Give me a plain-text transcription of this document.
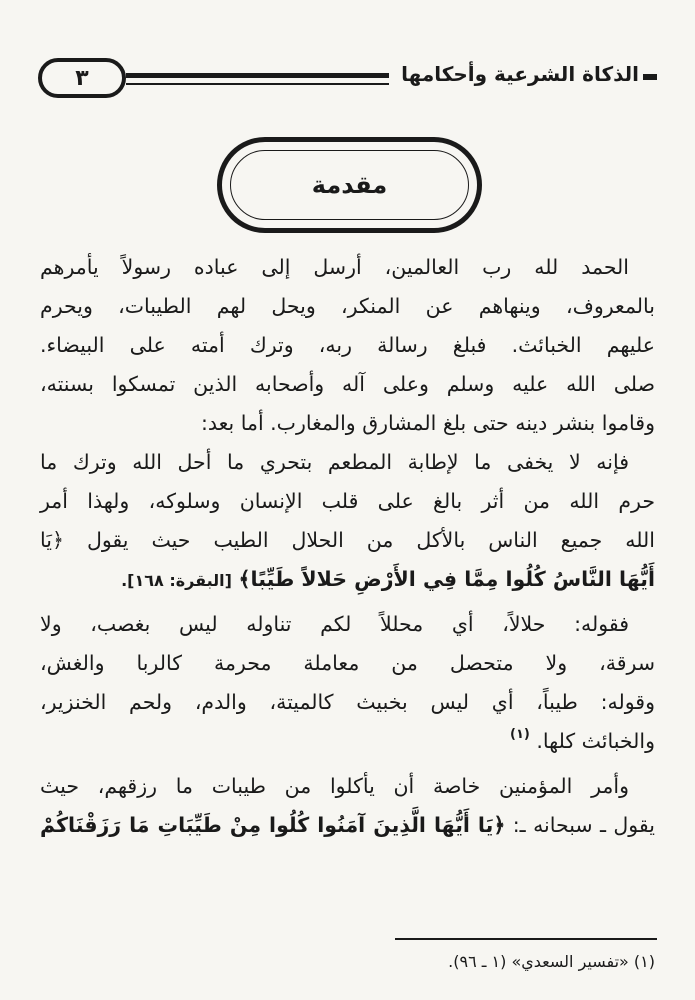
الذكاة الشرعية وأحكامها
٣
مقدمة
الحمد لله رب العالمين، أرسل إلى عباده رسولاً يأمرهم
بالمعروف، وينهاهم عن المنكر، ويحل لهم الطيبات، ويحرم
عليهم الخبائث. فبلغ رسالة ربه، وترك أمته على البيضاء.
صلى الله عليه وسلم وعلى آله وأصحابه الذين تمسكوا بسنته،
وقاموا بنشر دينه حتى بلغ المشارق والمغارب. أما بعد:
فإنه لا يخفى ما لإطابة المطعم بتحري ما أحل الله وترك ما
حرم الله من أثر بالغ على قلب الإنسان وسلوكه، ولهذا أمر
الله جميع الناس بالأكل من الحلال الطيب حيث يقول ﴿يَا
أَيُّهَا النَّاسُ كُلُوا مِمَّا فِي الأَرْضِ حَلالاً طَيِّبًا﴾ [البقرة: ١٦٨].
فقوله: حلالاً، أي محللاً لكم تناوله ليس بغصب، ولا
سرقة، ولا متحصل من معاملة محرمة كالربا والغش،
وقوله: طيباً، أي ليس بخبيث كالميتة، والدم، ولحم الخنزير،
والخبائث كلها. $^{(١)}$
وأمر المؤمنين خاصة أن يأكلوا من طيبات ما رزقهم، حيث
يقول ـ سبحانه ـ: ﴿يَا أَيُّهَا الَّذِينَ آمَنُوا كُلُوا مِنْ طَيِّبَاتِ مَا رَزَقْنَاكُمْ
(١) «تفسير السعدي» (١ ـ ٩٦).
